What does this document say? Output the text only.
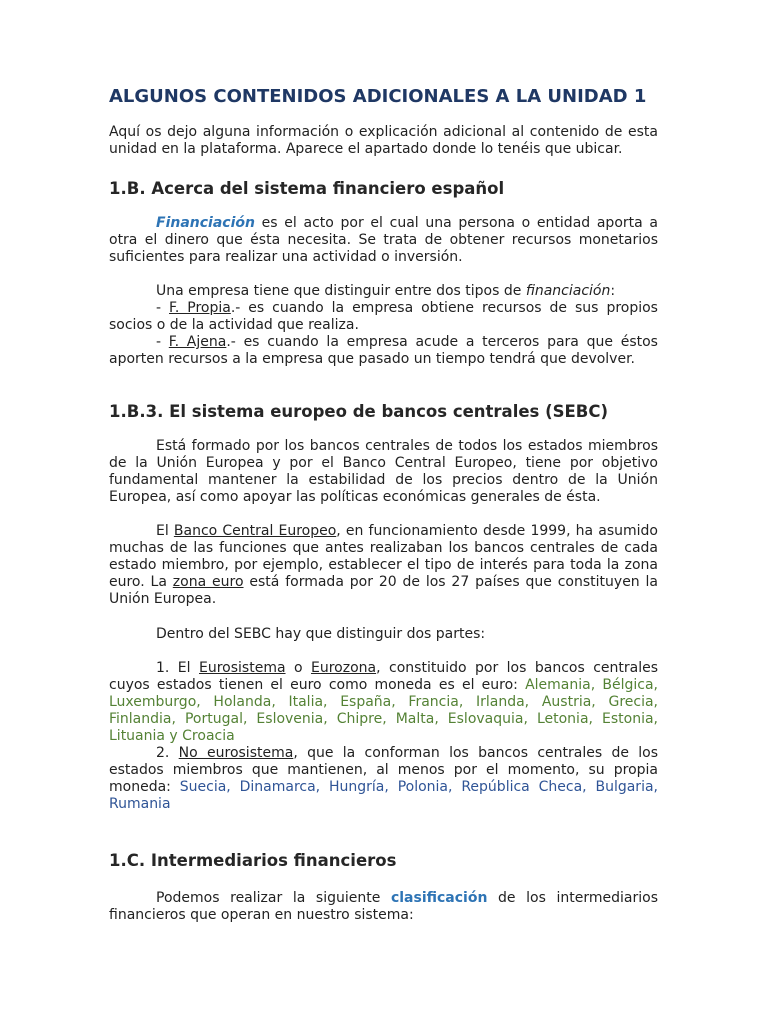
ALGUNOS CONTENIDOS ADICIONALES A LA UNIDAD 1

Aquí os dejo alguna información o explicación adicional al contenido de esta
unidad en la plataforma. Aparece el apartado donde lo tenéis que ubicar.

1.B. Acerca del sistema financiero español

Financiación es el acto por el cual una persona o entidad aporta a otra el dinero que ésta necesita. Se trata de obtener recursos monetarios suficientes para realizar una actividad o inversión.

Una empresa tiene que distinguir entre dos tipos de financiación:

- F. Propia.- es cuando la empresa obtiene recursos de sus propios socios o de la actividad que realiza.

- F. Ajena.- es cuando la empresa acude a terceros para que éstos aporten recursos a la empresa que pasado un tiempo tendrá que devolver.

1.B.3. El sistema europeo de bancos centrales (SEBC)

Está formado por los bancos centrales de todos los estados miembros de la Unión Europea y por el Banco Central Europeo, tiene por objetivo fundamental mantener la estabilidad de los precios dentro de la Unión Europea, así como apoyar las políticas económicas generales de ésta.

El Banco Central Europeo, en funcionamiento desde 1999, ha asumido muchas de las funciones que antes realizaban los bancos centrales de cada estado miembro, por ejemplo, establecer el tipo de interés para toda la zona euro. La zona euro está formada por 20 de los 27 países que constituyen la Unión Europea.

Dentro del SEBC hay que distinguir dos partes:

1. El Eurosistema o Eurozona, constituido por los bancos centrales cuyos estados tienen el euro como moneda es el euro: Alemania, Bélgica, Luxemburgo, Holanda, Italia, España, Francia, Irlanda, Austria, Grecia, Finlandia, Portugal, Eslovenia, Chipre, Malta, Eslovaquia, Letonia, Estonia, Lituania y Croacia

2. No eurosistema, que la conforman los bancos centrales de los estados miembros que mantienen, al menos por el momento, su propia moneda: Suecia, Dinamarca, Hungría, Polonia, República Checa, Bulgaria, Rumania

1.C. Intermediarios financieros

Podemos realizar la siguiente clasificación de los intermediarios financieros que operan en nuestro sistema:
